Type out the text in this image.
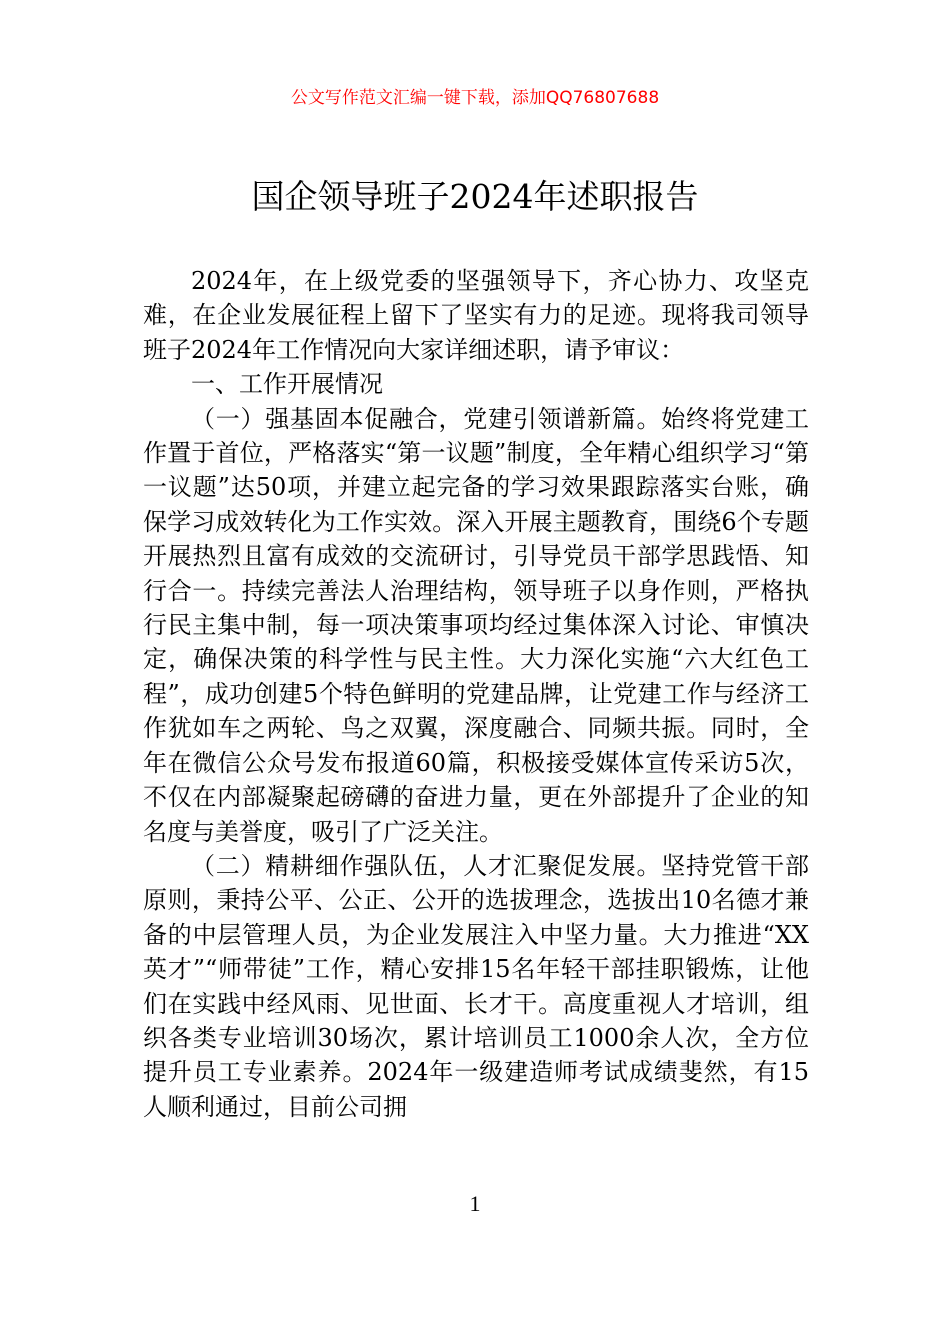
公文写作范文汇编一键下载，添加QQ76807688
国企领导班子2024年述职报告

2024年，在上级党委的坚强领导下，齐心协力、攻坚克难，在企业发展征程上留下了坚实有力的足迹。现将我司领导班子2024年工作情况向大家详细述职，请予审议：

一、工作开展情况

（一）强基固本促融合，党建引领谱新篇。始终将党建工作置于首位，严格落实“第一议题”制度，全年精心组织学习“第一议题”达50项，并建立起完备的学习效果跟踪落实台账，确保学习成效转化为工作实效。深入开展主题教育，围绕6个专题开展热烈且富有成效的交流研讨，引导党员干部学思践悟、知行合一。持续完善法人治理结构，领导班子以身作则，严格执行民主集中制，每一项决策事项均经过集体深入讨论、审慎决定，确保决策的科学性与民主性。大力深化实施“六大红色工程”，成功创建5个特色鲜明的党建品牌，让党建工作与经济工作犹如车之两轮、鸟之双翼，深度融合、同频共振。同时，全年在微信公众号发布报道60篇，积极接受媒体宣传采访5次，不仅在内部凝聚起磅礴的奋进力量，更在外部提升了企业的知名度与美誉度，吸引了广泛关注。

（二）精耕细作强队伍，人才汇聚促发展。坚持党管干部原则，秉持公平、公正、公开的选拔理念，选拔出10名德才兼备的中层管理人员，为企业发展注入中坚力量。大力推进“XX英才”“师带徒”工作，精心安排15名年轻干部挂职锻炼，让他们在实践中经风雨、见世面、长才干。高度重视人才培训，组织各类专业培训30场次，累计培训员工1000余人次，全方位提升员工专业素养。2024年一级建造师考试成绩斐然，有15人顺利通过，目前公司拥

1
